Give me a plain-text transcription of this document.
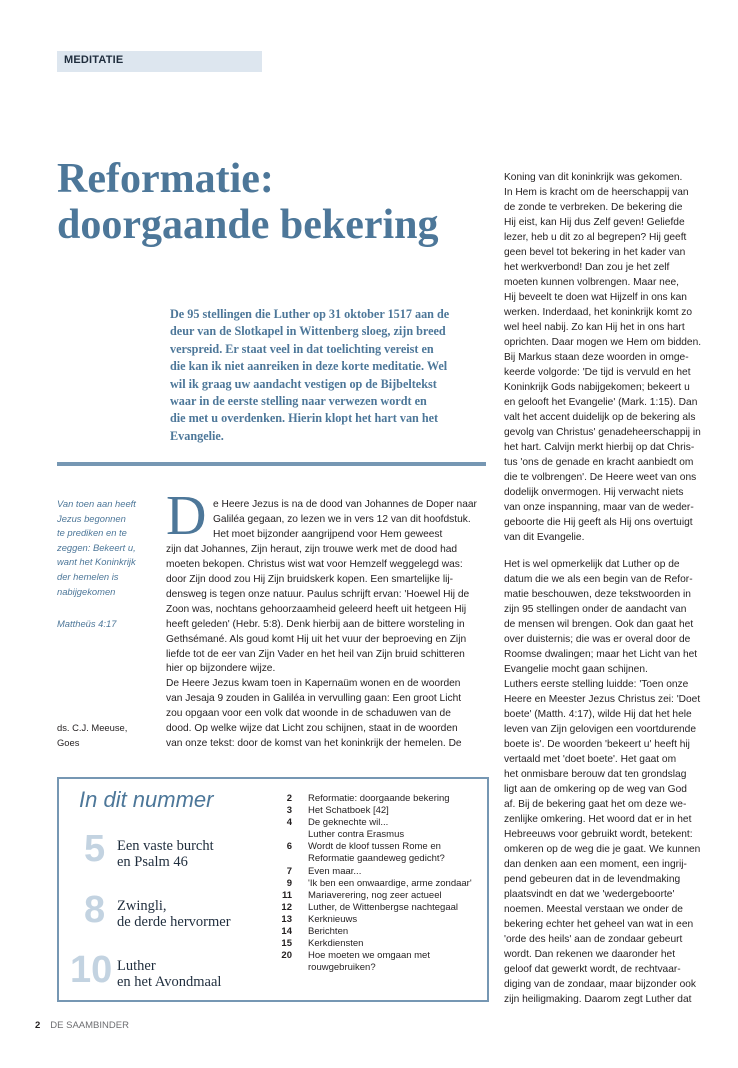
MEDITATIE
Reformatie:
doorgaande bekering
De 95 stellingen die Luther op 31 oktober 1517 aan de
deur van de Slotkapel in Wittenberg sloeg, zijn breed
verspreid. Er staat veel in dat toelichting vereist en
die kan ik niet aanreiken in deze korte meditatie. Wel
wil ik graag uw aandacht vestigen op de Bijbeltekst
waar in de eerste stelling naar verwezen wordt en
die met u overdenken. Hierin klopt het hart van het
Evangelie.
Van toen aan heeft
Jezus begonnen
te prediken en te
zeggen: Bekeert u,
want het Koninkrijk
der hemelen is
nabijgekomen
Mattheüs 4:17
ds. C.J. Meeuse,
Goes
D e Heere Jezus is na de dood van Johannes de Doper naar
Galiléa gegaan, zo lezen we in vers 12 van dit hoofdstuk.
Het moet bijzonder aangrijpend voor Hem geweest
zijn dat Johannes, Zijn heraut, zijn trouwe werk met de dood had
moeten bekopen. Christus wist wat voor Hemzelf weggelegd was:
door Zijn dood zou Hij Zijn bruidskerk kopen. Een smartelijke lij-
densweg is tegen onze natuur. Paulus schrijft ervan: 'Hoewel Hij de
Zoon was, nochtans gehoorzaamheid geleerd heeft uit hetgeen Hij
heeft geleden' (Hebr. 5:8). Denk hierbij aan de bittere worsteling in
Gethsémané. Als goud komt Hij uit het vuur der beproeving en Zijn
liefde tot de eer van Zijn Vader en het heil van Zijn bruid schitteren
hier op bijzondere wijze.
De Heere Jezus kwam toen in Kapernaüm wonen en de woorden
van Jesaja 9 zouden in Galiléa in vervulling gaan: Een groot Licht
zou opgaan voor een volk dat woonde in de schaduwen van de
dood. Op welke wijze dat Licht zou schijnen, staat in de woorden
van onze tekst: door de komst van het koninkrijk der hemelen. De
Koning van dit koninkrijk was gekomen.
In Hem is kracht om de heerschappij van
de zonde te verbreken. De bekering die
Hij eist, kan Hij dus Zelf geven! Geliefde
lezer, heb u dit zo al begrepen? Hij geeft
geen bevel tot bekering in het kader van
het werkverbond! Dan zou je het zelf
moeten kunnen volbrengen. Maar nee,
Hij beveelt te doen wat Hijzelf in ons kan
werken. Inderdaad, het koninkrijk komt zo
wel heel nabij. Zo kan Hij het in ons hart
oprichten. Daar mogen we Hem om bidden.
Bij Markus staan deze woorden in omge-
keerde volgorde: 'De tijd is vervuld en het
Koninkrijk Gods nabijgekomen; bekeert u
en gelooft het Evangelie' (Mark. 1:15). Dan
valt het accent duidelijk op de bekering als
gevolg van Christus' genadeheerschappij in
het hart. Calvijn merkt hierbij op dat Chris-
tus 'ons de genade en kracht aanbiedt om
die te volbrengen'. De Heere weet van ons
dodelijk onvermogen. Hij verwacht niets
van onze inspanning, maar van de weder-
geboorte die Hij geeft als Hij ons overtuigt
van dit Evangelie.
Het is wel opmerkelijk dat Luther op de
datum die we als een begin van de Refor-
matie beschouwen, deze tekstwoorden in
zijn 95 stellingen onder de aandacht van
de mensen wil brengen. Ook dan gaat het
over duisternis; die was er overal door de
Roomse dwalingen; maar het Licht van het
Evangelie mocht gaan schijnen.
Luthers eerste stelling luidde: 'Toen onze
Heere en Meester Jezus Christus zei: 'Doet
boete' (Matth. 4:17), wilde Hij dat het hele
leven van Zijn gelovigen een voortdurende
boete is'. De woorden 'bekeert u' heeft hij
vertaald met 'doet boete'. Het gaat om
het onmisbare berouw dat ten grondslag
ligt aan de omkering op de weg van God
af. Bij de bekering gaat het om deze we-
zenlijke omkering. Het woord dat er in het
Hebreeuws voor gebruikt wordt, betekent:
omkeren op de weg die je gaat. We kunnen
dan denken aan een moment, een ingrij-
pend gebeuren dat in de levendmaking
plaatsvindt en dat we 'wedergeboorte'
noemen. Meestal verstaan we onder de
bekering echter het geheel van wat in een
'orde des heils' aan de zondaar gebeurt
wordt. Dan rekenen we daaronder het
geloof dat gewerkt wordt, de rechtvaar-
diging van de zondaar, maar bijzonder ook
zijn heiligmaking. Daarom zegt Luther dat
In dit nummer
5 Een vaste burcht
en Psalm 46
8 Zwingli,
de derde hervormer
10 Luther
en het Avondmaal
2 Reformatie: doorgaande bekering
3 Het Schatboek [42]
4 De geknechte wil...
Luther contra Erasmus
6 Wordt de kloof tussen Rome en
Reformatie gaandeweg gedicht?
7 Even maar...
9 'Ik ben een onwaardige, arme zondaar'
11 Mariaverering, nog zeer actueel
12 Luther, de Wittenbergse nachtegaal
13 Kerknieuws
14 Berichten
15 Kerkdiensten
20 Hoe moeten we omgaan met
rouwgebruiken?
2 DE SAAMBINDER
